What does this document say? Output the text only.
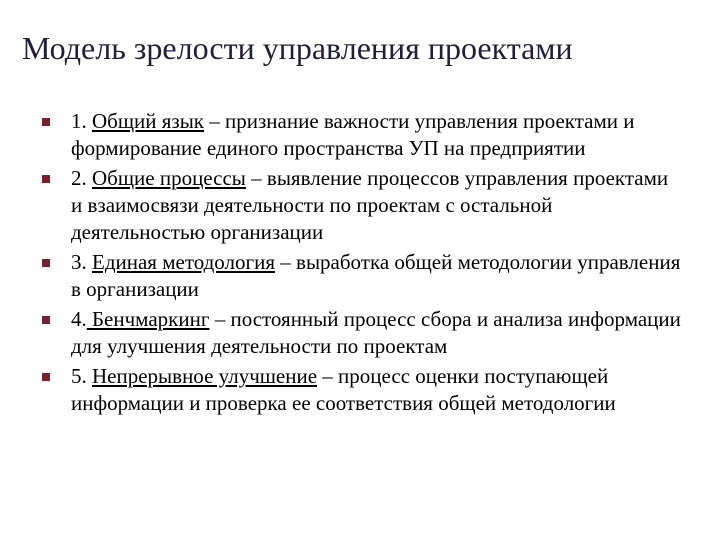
Модель зрелости управления проектами
1. Общий язык – признание важности управления проектами и формирование единого пространства УП на предприятии
2. Общие процессы – выявление процессов управления проектами и взаимосвязи деятельности по проектам с остальной деятельностью организации
3. Единая методология – выработка общей методологии управления в организации
4. Бенчмаркинг – постоянный процесс сбора и анализа информации для улучшения деятельности по проектам
5. Непрерывное улучшение – процесс оценки поступающей информации и проверка ее соответствия общей методологии
